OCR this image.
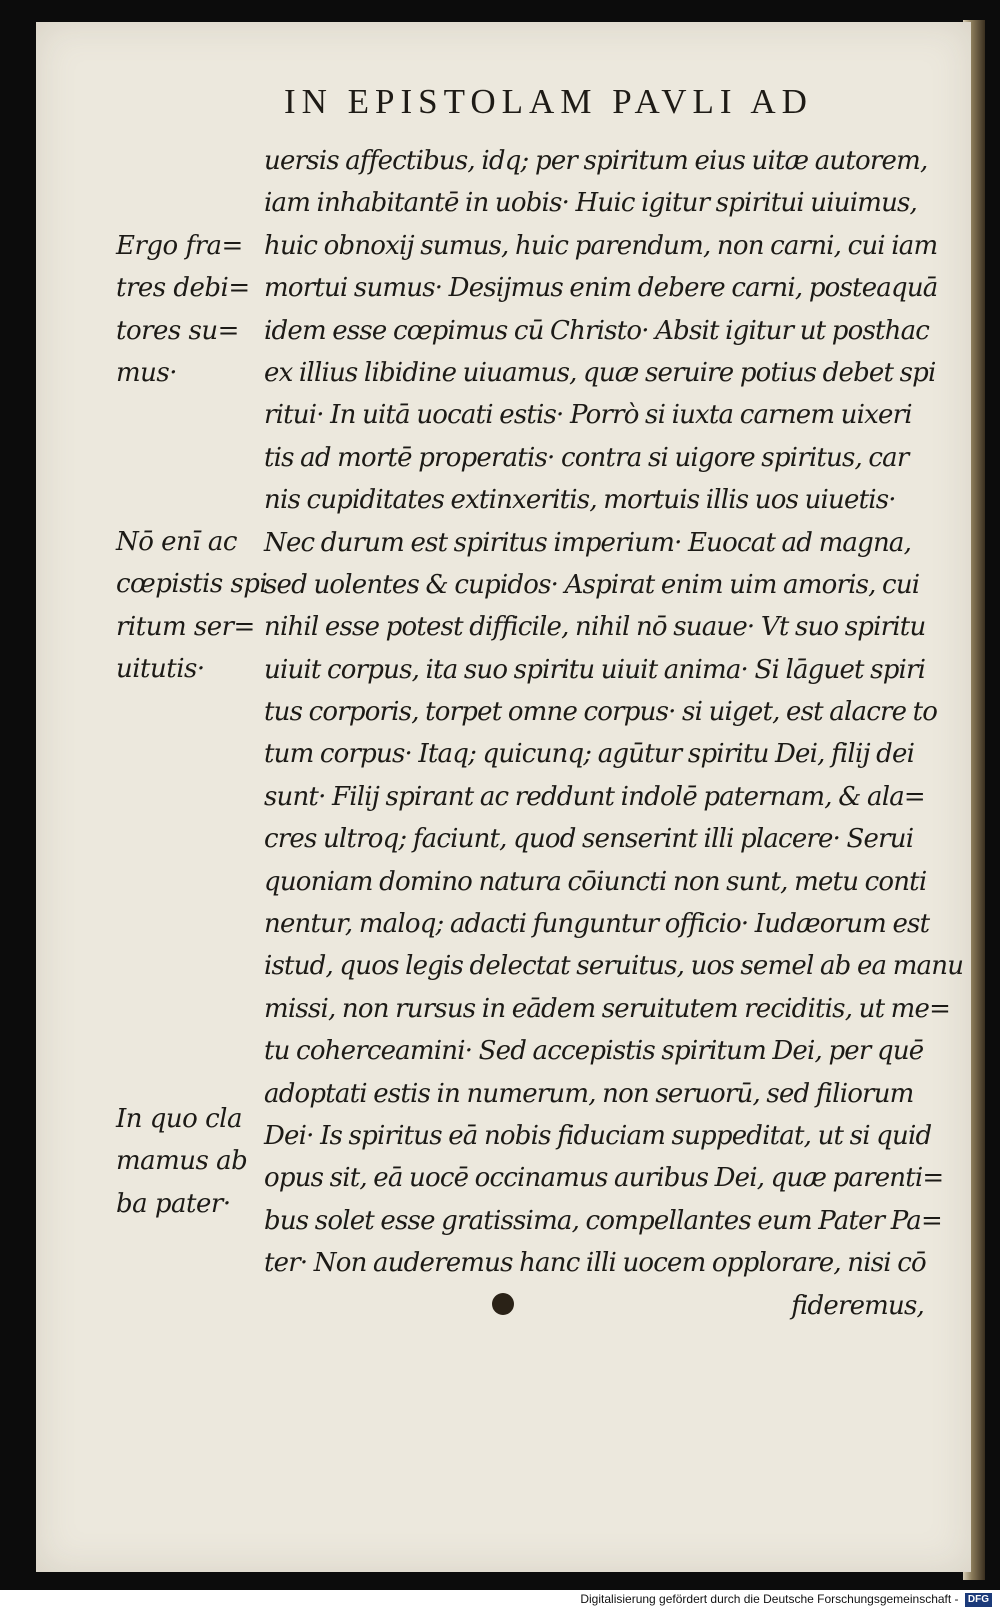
IN EPISTOLAM PAVLI AD
uersis affectibus, idq; per spiritum eius uitæ autorem,
iam inhabitantē in uobis· Huic igitur spiritui uiuimus,
huic obnoxij sumus, huic parendum, non carni, cui iam
mortui sumus· Desijmus enim debere carni, posteaquā
idem esse cœpimus cū Christo· Absit igitur ut posthac
ex illius libidine uiuamus, quæ seruire potius debet spi
ritui· In uitā uocati estis· Porrò si iuxta carnem uixeri
tis ad mortē properatis· contra si uigore spiritus, car
nis cupiditates extinxeritis, mortuis illis uos uiuetis·
Nec durum est spiritus imperium· Euocat ad magna,
sed uolentes & cupidos· Aspirat enim uim amoris, cui
nihil esse potest difficile, nihil nō suaue· Vt suo spiritu
uiuit corpus, ita suo spiritu uiuit anima· Si lāguet spiri
tus corporis, torpet omne corpus· si uiget, est alacre to
tum corpus· Itaq; quicunq; agūtur spiritu Dei, filij dei
sunt· Filij spirant ac reddunt indolē paternam, & ala=
cres ultroq; faciunt, quod senserint illi placere· Serui
quoniam domino natura cōiuncti non sunt, metu conti
nentur, maloq; adacti funguntur officio· Iudæorum est
istud, quos legis delectat seruitus, uos semel ab ea manu
missi, non rursus in eādem seruitutem reciditis, ut me=
tu coherceamini· Sed accepistis spiritum Dei, per quē
adoptati estis in numerum, non seruorū, sed filiorum
Dei· Is spiritus eā nobis fiduciam suppeditat, ut si quid
opus sit, eā uocē occinamus auribus Dei, quæ parenti=
bus solet esse gratissima, compellantes eum Pater Pa=
ter· Non auderemus hanc illi uocem opplorare, nisi cō
fideremus,
Ergo fra=
tres debi=
tores su=
mus·
Nō enī ac
cœpistis spi
ritum ser=
uitutis·
In quo cla
mamus ab
ba pater·
Digitalisierung gefördert durch die Deutsche Forschungsgemeinschaft - DFG
